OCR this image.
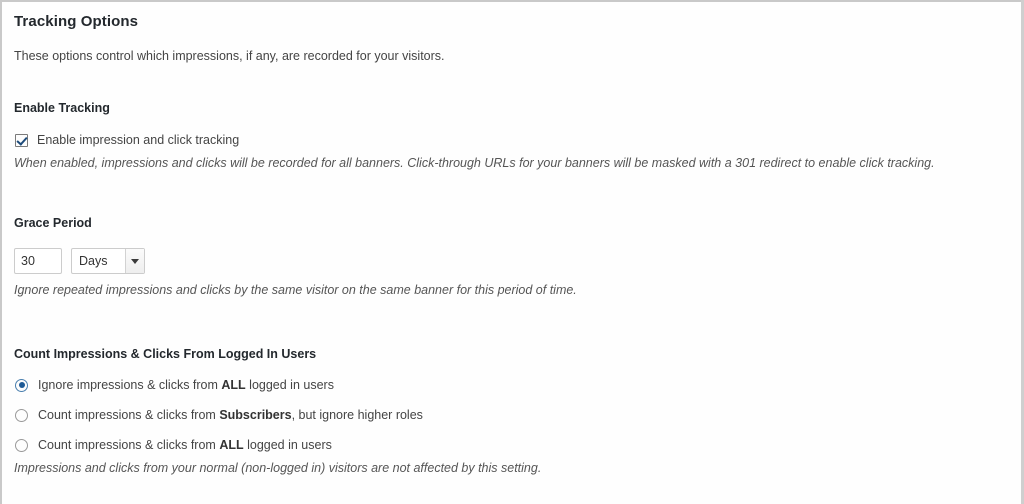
Tracking Options

These options control which impressions, if any, are recorded for your visitors.

Enable Tracking
Enable impression and click tracking

When enabled, impressions and clicks will be recorded for all banners. Click-through URLs for your banners will be masked with a 301 redirect to enable click tracking.

Grace Period
30
Days

Ignore repeated impressions and clicks by the same visitor on the same banner for this period of time.

Count Impressions & Clicks From Logged In Users
Ignore impressions & clicks from ALL logged in users
Count impressions & clicks from Subscribers, but ignore higher roles
Count impressions & clicks from ALL logged in users

Impressions and clicks from your normal (non-logged in) visitors are not affected by this setting.
